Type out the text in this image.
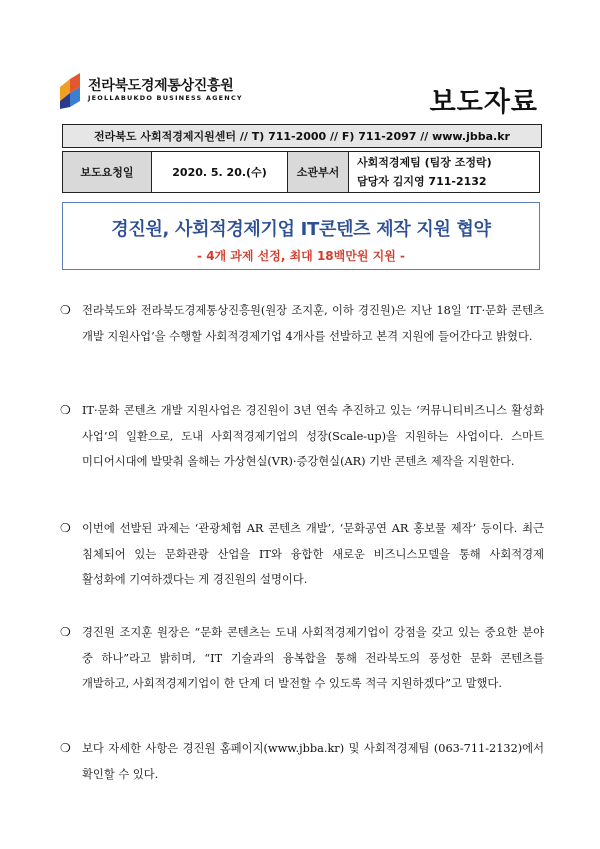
전라북도경제통상진흥원
JEOLLABUKDO BUSINESS AGENCY	보도자료
전라북도 사회적경제지원센터 // T) 711-2000 // F) 711-2097 // www.jbba.kr
보도요청일	2020. 5. 20.(수)	소관부서	
사회적경제팀 (팀장 조정락)
담당자 김지영 711-2132
경진원, 사회적경제기업 IT콘텐츠 제작 지원 협약
- 4개 과제 선정, 최대 18백만원 지원 -
❍ 전라북도와 전라북도경제통상진흥원(원장 조지훈, 이하 경진원)은 지난 18일 ‘IT·문화 콘텐츠 개발 지원사업’을 수행할 사회적경제기업 4개사를 선발하고 본격 지원에 들어간다고 밝혔다.
❍ IT·문화 콘텐츠 개발 지원사업은 경진원이 3년 연속 추진하고 있는 ‘커뮤니티비즈니스 활성화 사업’의 일환으로, 도내 사회적경제기업의 성장(Scale-up)을 지원하는 사업이다. 스마트 미디어시대에 발맞춰 올해는 가상현실(VR)·증강현실(AR) 기반 콘텐츠 제작을 지원한다.
❍ 이번에 선발된 과제는 ‘관광체험 AR 콘텐츠 개발’, ‘문화공연 AR 홍보물 제작’ 등이다. 최근 침체되어 있는 문화관광 산업을 IT와 융합한 새로운 비즈니스모델을 통해 사회적경제 활성화에 기여하겠다는 게 경진원의 설명이다.
❍ 경진원 조지훈 원장은 “문화 콘텐츠는 도내 사회적경제기업이 강점을 갖고 있는 중요한 분야 중 하나”라고 밝히며, “IT 기술과의 융복합을 통해 전라북도의 풍성한 문화 콘텐츠를 개발하고, 사회적경제기업이 한 단계 더 발전할 수 있도록 적극 지원하겠다”고 말했다.
❍ 보다 자세한 사항은 경진원 홈페이지(www.jbba.kr) 및 사회적경제팀 (063-711-2132)에서 확인할 수 있다.
